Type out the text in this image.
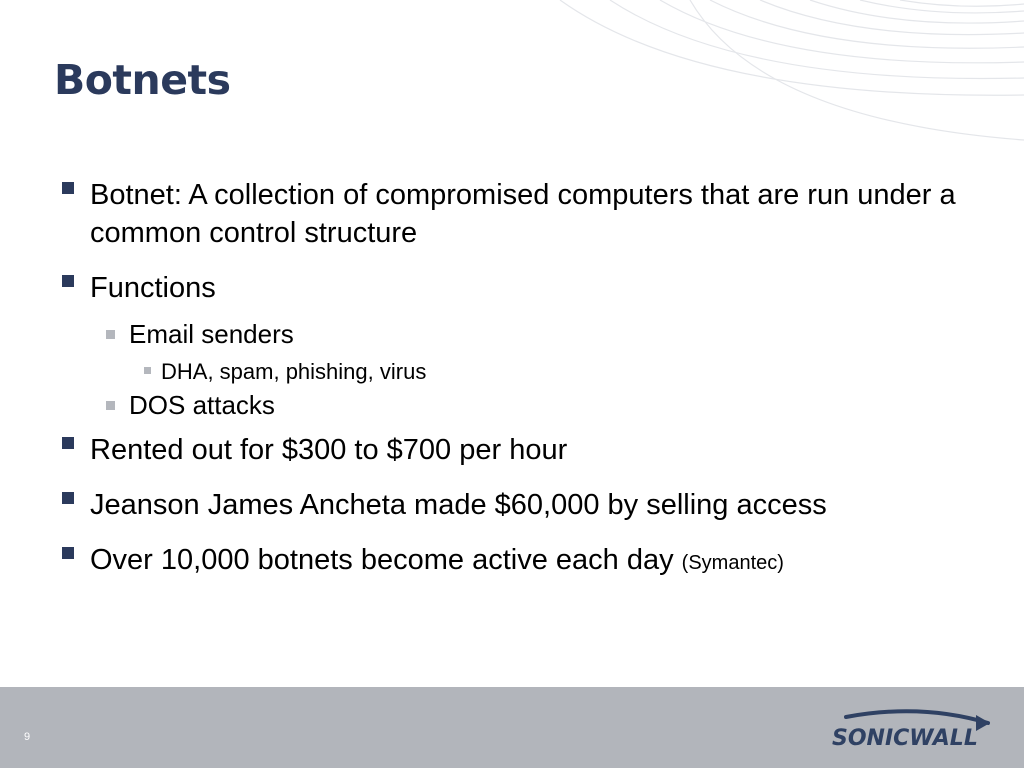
Botnets
Botnet: A collection of compromised computers that are run under a common control structure
Functions
Email senders
DHA, spam, phishing, virus
DOS attacks
Rented out for $300 to $700 per hour
Jeanson James Ancheta made $60,000 by selling access
Over 10,000 botnets become active each day (Symantec)
9	SONICWALL
